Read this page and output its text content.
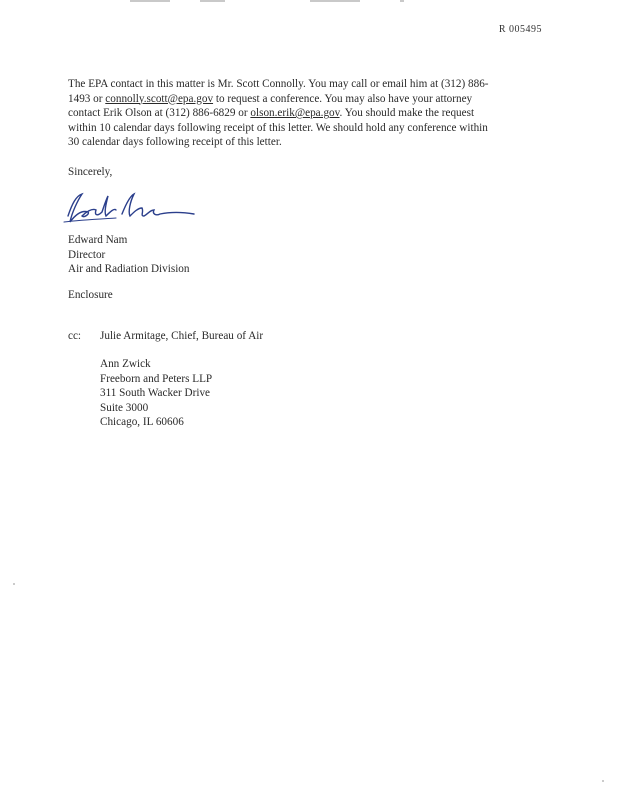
R 005495
The EPA contact in this matter is Mr. Scott Connolly. You may call or email him at (312) 886-
1493 or connolly.scott@epa.gov to request a conference. You may also have your attorney
contact Erik Olson at (312) 886-6829 or olson.erik@epa.gov. You should make the request
within 10 calendar days following receipt of this letter. We should hold any conference within
30 calendar days following receipt of this letter.
Sincerely,
Edward Nam
Director
Air and Radiation Division
Enclosure
cc: Julie Armitage, Chief, Bureau of Air
Ann Zwick
Freeborn and Peters LLP
311 South Wacker Drive
Suite 3000
Chicago, IL 60606
